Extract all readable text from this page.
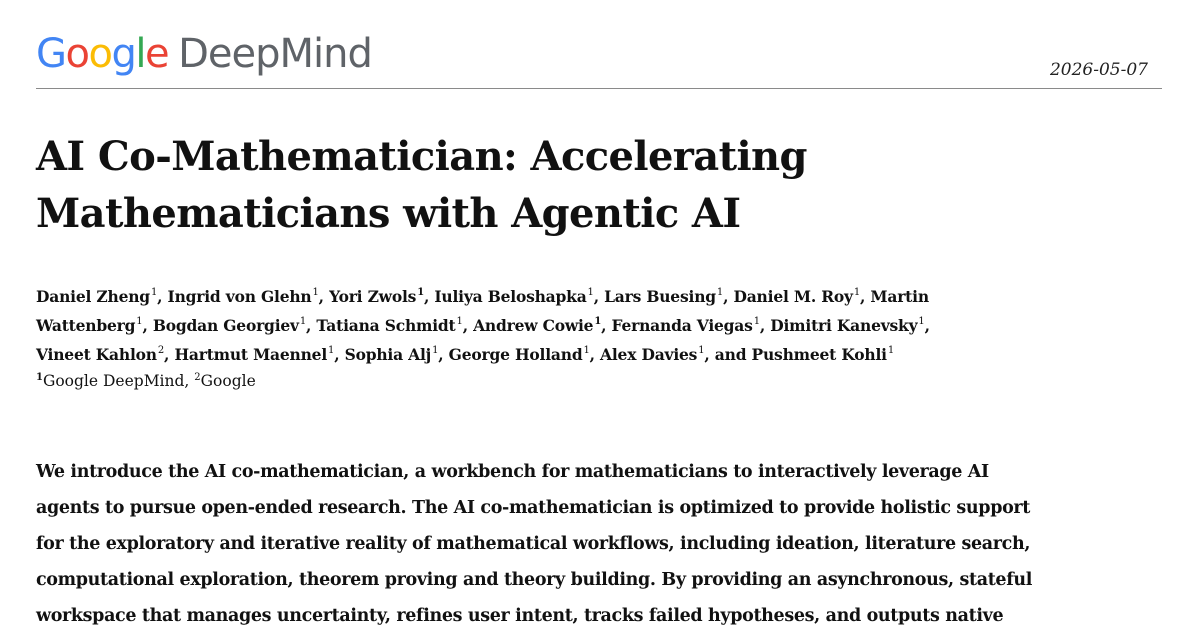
Google DeepMind	2026-05-07
AI Co-Mathematician: Accelerating
Mathematicians with Agentic AI
Daniel Zheng$^1$, Ingrid von Glehn$^1$, Yori Zwols$^1$, Iuliya Beloshapka$^1$, Lars Buesing$^1$, Daniel M. Roy$^1$, Martin
Wattenberg$^1$, Bogdan Georgiev$^1$, Tatiana Schmidt$^1$, Andrew Cowie$^1$, Fernanda Viegas$^1$, Dimitri Kanevsky$^1$,
Vineet Kahlon$^2$, Hartmut Maennel$^1$, Sophia Alj$^1$, George Holland$^1$, Alex Davies$^1$, and Pushmeet Kohli$^1$
$^1$Google DeepMind, $^2$Google
We introduce the AI co-mathematician, a workbench for mathematicians to interactively leverage AI
agents to pursue open-ended research. The AI co-mathematician is optimized to provide holistic support
for the exploratory and iterative reality of mathematical workflows, including ideation, literature search,
computational exploration, theorem proving and theory building. By providing an asynchronous, stateful
workspace that manages uncertainty, refines user intent, tracks failed hypotheses, and outputs native
